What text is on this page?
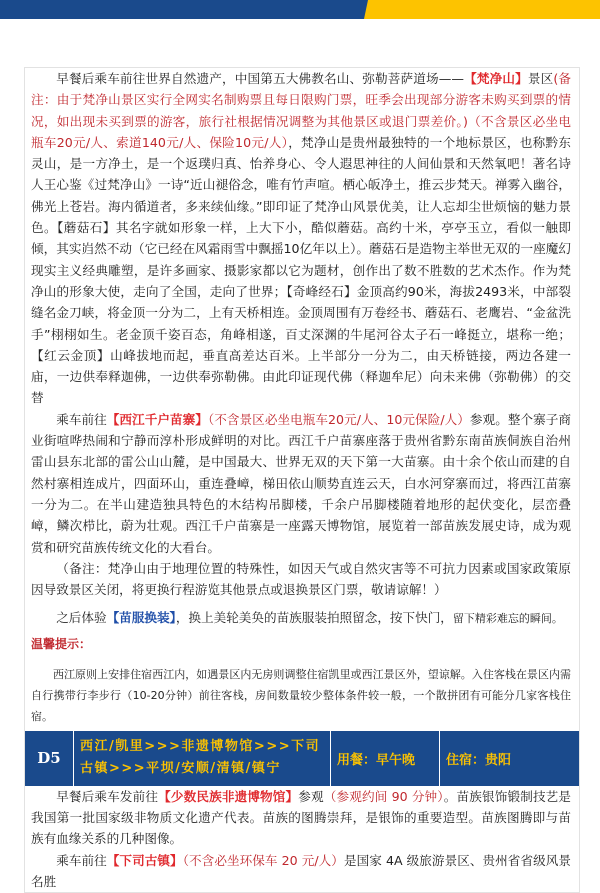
早餐后乘车前往世界自然遗产，中国第五大佛教名山、弥勒菩萨道场——【梵净山】景区(备注：由于梵净山景区实行全网实名制购票且每日限购门票，旺季会出现部分游客未购买到票的情况，如出现未买到票的游客，旅行社根据情况调整为其他景区或退门票差价。)（不含景区必坐电瓶车20元/人、索道140元/人、保险10元/人），梵净山是贵州最独特的一个地标景区，也称黔东灵山，是一方净土，是一个返璞归真、怡养身心、令人遐思神往的人间仙景和天然氧吧！著名诗人王心鉴《过梵净山》一诗“近山褪俗念，唯有竹声喧。栖心皈净土，推云步梵天。禅雾入幽谷，佛光上苍岩。海内循道者，多来续仙缘。”即印证了梵净山风景优美，让人忘却尘世烦恼的魅力景色。【蘑菇石】其名字就如形象一样，上大下小，酷似蘑菇。高约十米，亭亭玉立，看似一触即倾，其实岿然不动（它已经在风霜雨雪中飘摇10亿年以上）。蘑菇石是造物主举世无双的一座魔幻现实主义经典雕塑，是许多画家、摄影家都以它为题材，创作出了数不胜数的艺术杰作。作为梵净山的形象大使，走向了全国，走向了世界；【奇峰经石】金顶高约90米，海拔2493米，中部裂缝名金刀峡，将金顶一分为二，上有天桥相连。金顶周围有万卷经书、蘑菇石、老鹰岩、“金盆洗手”栩栩如生。老金顶千姿百态，角峰相遂，百丈深渊的牛尾河谷太子石一峰挺立，堪称一绝；【红云金顶】山峰拔地而起，垂直高差达百米。上半部分一分为二，由天桥链接，两边各建一庙，一边供奉释迦佛，一边供奉弥勒佛。由此印证现代佛（释迦牟尼）向未来佛（弥勒佛）的交替

乘车前往【西江千户苗寨】（不含景区必坐电瓶车20元/人、10元保险/人）参观。整个寨子商业街喧哗热闹和宁静而淳朴形成鲜明的对比。西江千户苗寨座落于贵州省黔东南苗族侗族自治州雷山县东北部的雷公山山麓，是中国最大、世界无双的天下第一大苗寨。由十余个依山而建的自然村寨相连成片，四面环山，重连叠嶂，梯田依山顺势直连云天，白水河穿寨而过，将西江苗寨一分为二。在半山建造独具特色的木结构吊脚楼，千余户吊脚楼随着地形的起伏变化，层峦叠嶂，鳞次栉比，蔚为壮观。西江千户苗寨是一座露天博物馆，展览着一部苗族发展史诗，成为观赏和研究苗族传统文化的大看台。

（备注：梵净山由于地理位置的特殊性，如因天气或自然灾害等不可抗力因素或国家政策原因导致景区关闭，将更换行程游览其他景点或退换景区门票，敬请谅解！）

之后体验【苗服换装】，换上美轮美奂的苗族服装拍照留念，按下快门，留下精彩难忘的瞬间。

温馨提示：

西江原则上安排住宿西江内，如遇景区内无房则调整住宿凯里或西江景区外，望谅解。入住客栈在景区内需自行携带行李步行（10-20分钟）前往客栈，房间数量较少整体条件较一般，一个散拼团有可能分几家客栈住宿。

D5	西江/凯里>>>非遗博物馆>>>下司古镇>>>平坝/安顺/清镇/镇宁	用餐：早午晚	住宿：贵阳

早餐后乘车发前往【少数民族非遗博物馆】参观（参观约间 90 分钟）。苗族银饰锻制技艺是我国第一批国家级非物质文化遗产代表。苗族的图腾崇拜，是银饰的重要造型。苗族图腾即与苗族有血缘关系的几种图像。

乘车前往【下司古镇】（不含必坐环保车 20 元/人）是国家 4A 级旅游景区、贵州省省级风景名胜
